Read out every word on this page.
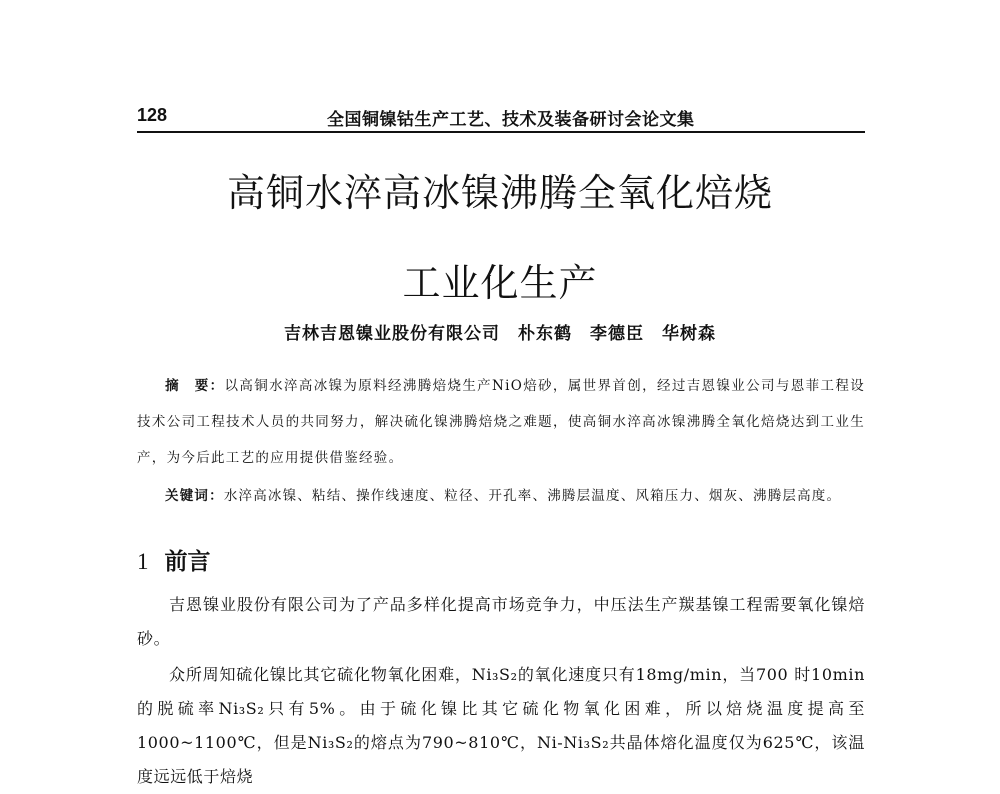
128	全国铜镍钴生产工艺、技术及装备研讨会论文集
高铜水淬高冰镍沸腾全氧化焙烧
工业化生产
吉林吉恩镍业股份有限公司　朴东鹤　李德臣　华树森
摘　要：以高铜水淬高冰镍为原料经沸腾焙烧生产NiO焙砂，属世界首创，经过吉恩镍业公司与恩菲工程设技术公司工程技术人员的共同努力，解决硫化镍沸腾焙烧之难题，使高铜水淬高冰镍沸腾全氧化焙烧达到工业生产，为今后此工艺的应用提供借鉴经验。
关键词：水淬高冰镍、粘结、操作线速度、粒径、开孔率、沸腾层温度、风箱压力、烟灰、沸腾层高度。
1 前言

吉恩镍业股份有限公司为了产品多样化提高市场竞争力，中压法生产羰基镍工程需要氧化镍焙砂。

众所周知硫化镍比其它硫化物氧化困难，Ni₃S₂的氧化速度只有18mg/min，当700 时10min的脱硫率Ni₃S₂只有5%。由于硫化镍比其它硫化物氧化困难，所以焙烧温度提高至1000~1100℃，但是Ni₃S₂的熔点为790~810℃，Ni-Ni₃S₂共晶体熔化温度仅为625℃，该温度远远低于焙烧
